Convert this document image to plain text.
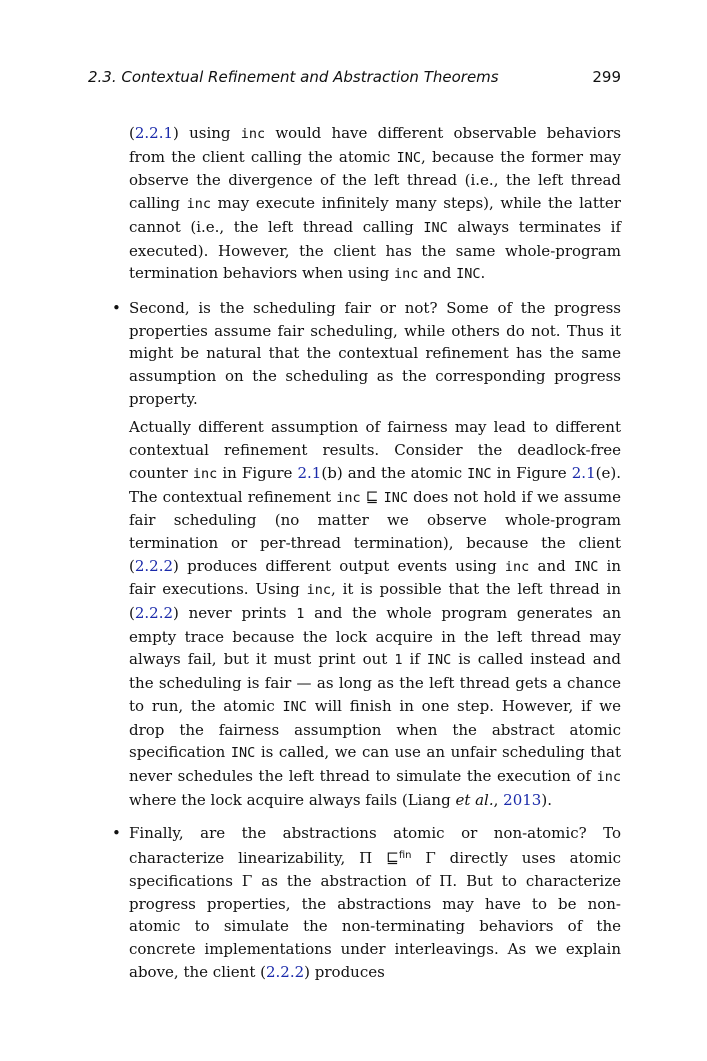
2.3. Contextual Refinement and Abstraction Theorems	299

(2.2.1) using inc would have different observable behaviors from the client calling the atomic INC, because the former may observe the divergence of the left thread (i.e., the left thread calling inc may execute infinitely many steps), while the latter cannot (i.e., the left thread calling INC always terminates if executed). However, the client has the same whole-program termination behaviors when using inc and INC.

• Second, is the scheduling fair or not? Some of the progress properties assume fair scheduling, while others do not. Thus it might be natural that the contextual refinement has the same assumption on the scheduling as the corresponding progress property.

Actually different assumption of fairness may lead to different contextual refinement results. Consider the deadlock-free counter inc in Figure 2.1(b) and the atomic INC in Figure 2.1(e). The contextual refinement inc ⊑ INC does not hold if we assume fair scheduling (no matter we observe whole-program termination or per-thread termination), because the client (2.2.2) produces different output events using inc and INC in fair executions. Using inc, it is possible that the left thread in (2.2.2) never prints 1 and the whole program generates an empty trace because the lock acquire in the left thread may always fail, but it must print out 1 if INC is called instead and the scheduling is fair — as long as the left thread gets a chance to run, the atomic INC will finish in one step. However, if we drop the fairness assumption when the abstract atomic specification INC is called, we can use an unfair scheduling that never schedules the left thread to simulate the execution of inc where the lock acquire always fails (Liang et al., 2013).

• Finally, are the abstractions atomic or non-atomic? To characterize linearizability, Π ⊑$^{fin}$ Γ directly uses atomic specifications Γ as the abstraction of Π. But to characterize progress properties, the abstractions may have to be non-atomic to simulate the non-terminating behaviors of the concrete implementations under interleavings. As we explain above, the client (2.2.2) produces
